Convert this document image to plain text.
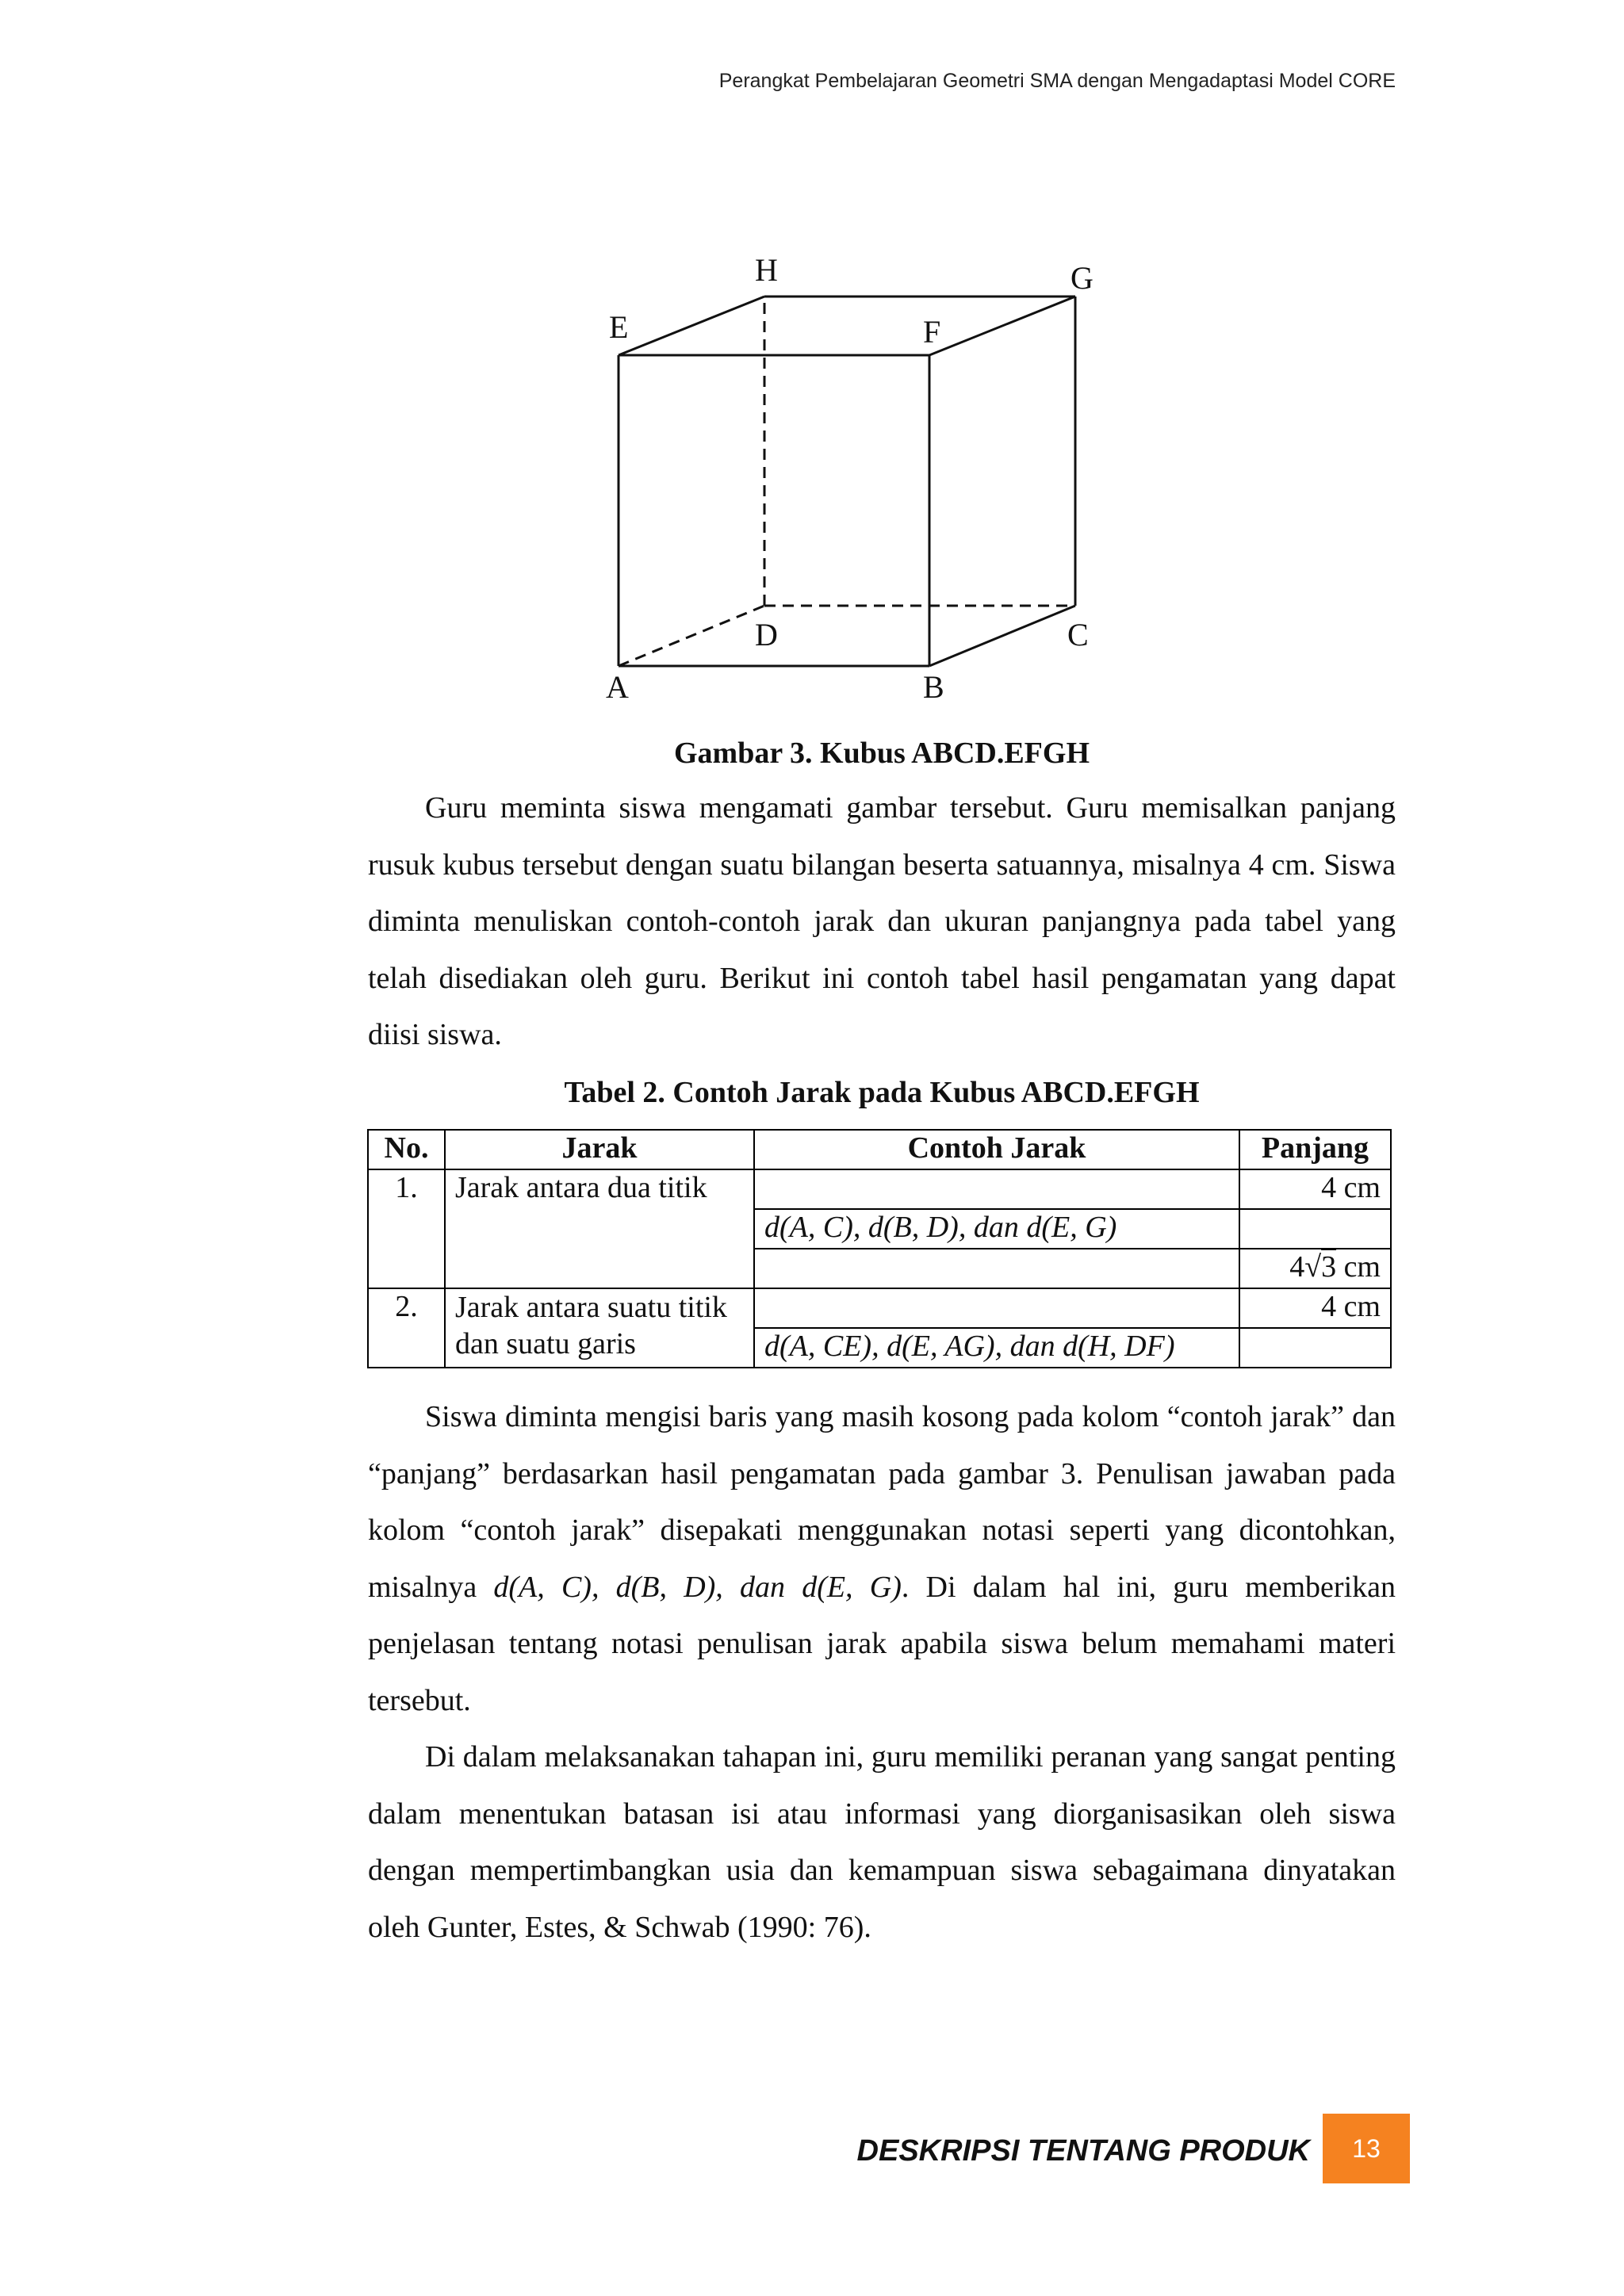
Perangkat Pembelajaran Geometri SMA dengan Mengadaptasi Model CORE
H	G
E	F
D	C
A	B
Gambar 3. Kubus ABCD.EFGH

Guru meminta siswa mengamati gambar tersebut. Guru memisalkan panjang rusuk kubus tersebut dengan suatu bilangan beserta satuannya, misalnya 4 cm. Siswa diminta menuliskan contoh-contoh jarak dan ukuran panjangnya pada tabel yang telah disediakan oleh guru. Berikut ini contoh tabel hasil pengamatan yang dapat diisi siswa.

Tabel 2. Contoh Jarak pada Kubus ABCD.EFGH
No.	Jarak	Contoh Jarak	Panjang
1.	Jarak antara dua titik		4 cm
		d(A, C), d(B, D), dan d(E, G)	
			4√3 cm
2.	Jarak antara suatu titik dan suatu garis		4 cm
		d(A, CE), d(E, AG), dan d(H, DF)	

Siswa diminta mengisi baris yang masih kosong pada kolom “contoh jarak” dan “panjang” berdasarkan hasil pengamatan pada gambar 3. Penulisan jawaban pada kolom “contoh jarak” disepakati menggunakan notasi seperti yang dicontohkan, misalnya d(A, C), d(B, D), dan d(E, G). Di dalam hal ini, guru memberikan penjelasan tentang notasi penulisan jarak apabila siswa belum memahami materi tersebut.

Di dalam melaksanakan tahapan ini, guru memiliki peranan yang sangat penting dalam menentukan batasan isi atau informasi yang diorganisasikan oleh siswa dengan mempertimbangkan usia dan kemampuan siswa sebagaimana dinyatakan oleh Gunter, Estes, & Schwab (1990: 76).

DESKRIPSI TENTANG PRODUK 13
